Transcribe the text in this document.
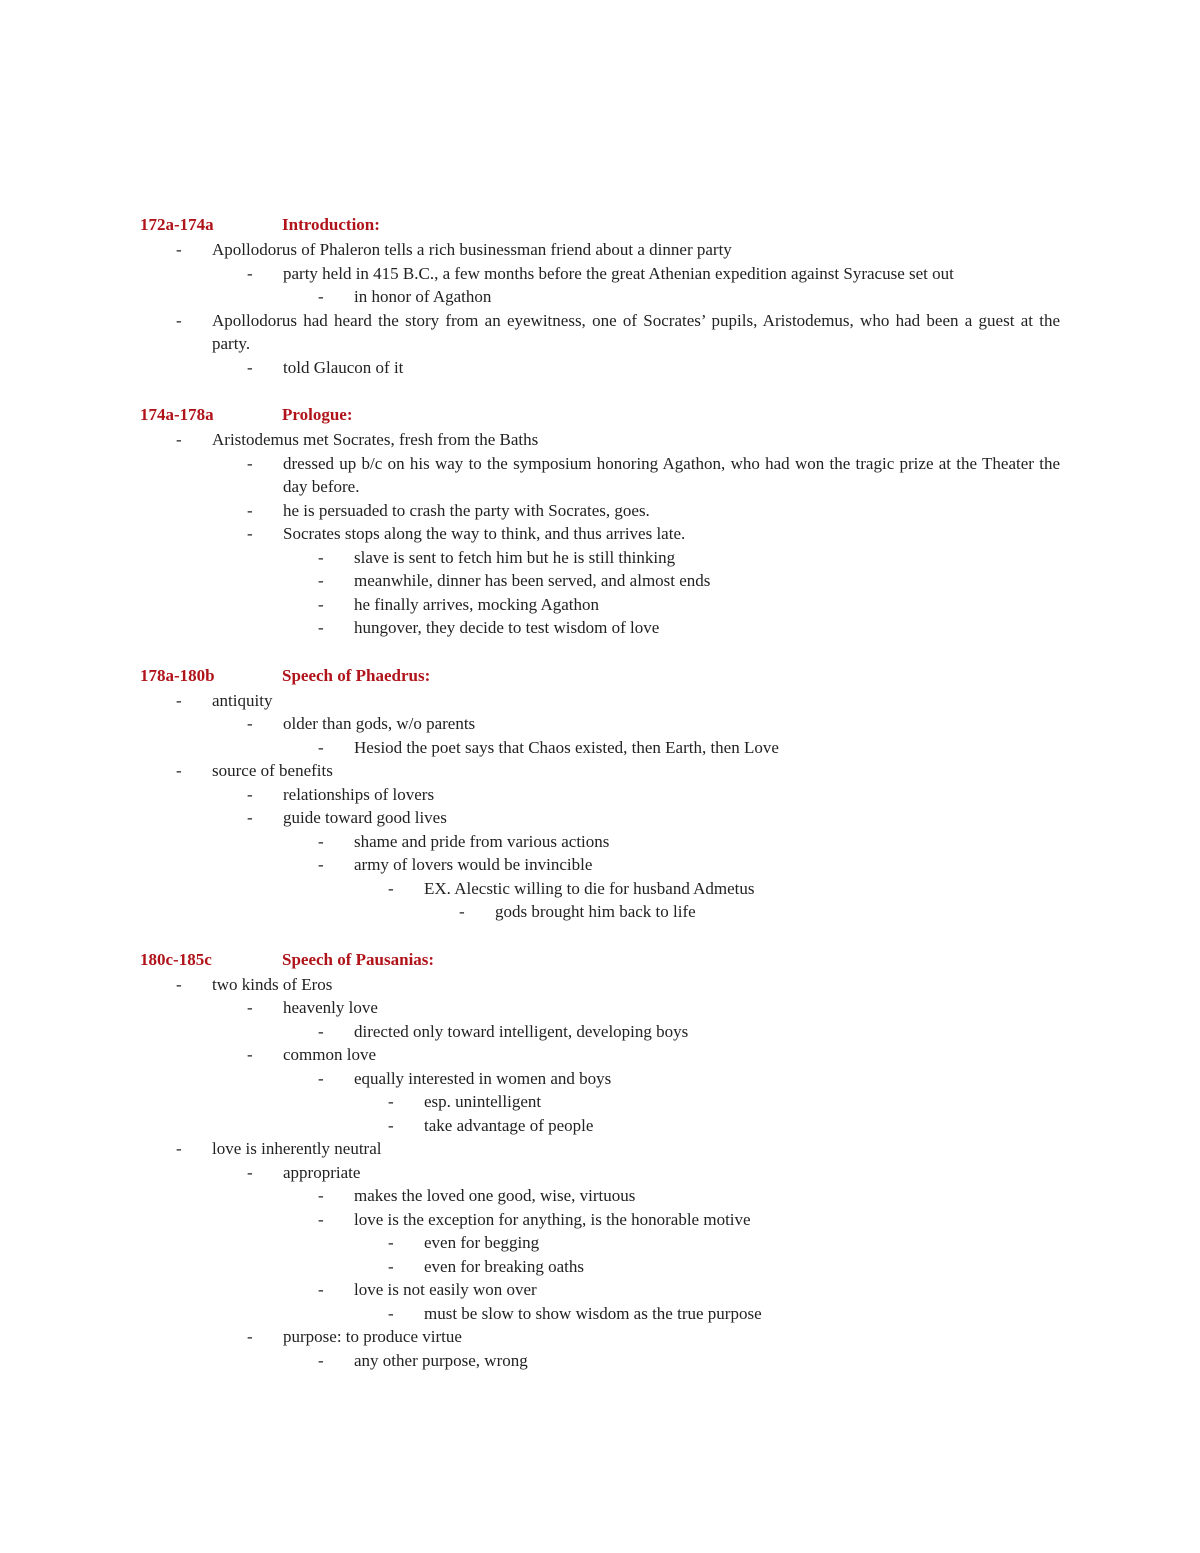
172a-174a	Introduction:
- Apollodorus of Phaleron tells a rich businessman friend about a dinner party
- party held in 415 B.C., a few months before the great Athenian expedition against Syracuse set out
- in honor of Agathon
- Apollodorus had heard the story from an eyewitness, one of Socrates’ pupils, Aristodemus, who had been a guest at the party.
- told Glaucon of it
174a-178a	Prologue:
- Aristodemus met Socrates, fresh from the Baths
- dressed up b/c on his way to the symposium honoring Agathon, who had won the tragic prize at the Theater the day before.
- he is persuaded to crash the party with Socrates, goes.
- Socrates stops along the way to think, and thus arrives late.
- slave is sent to fetch him but he is still thinking
- meanwhile, dinner has been served, and almost ends
- he finally arrives, mocking Agathon
- hungover, they decide to test wisdom of love
178a-180b	Speech of Phaedrus:
- antiquity
- older than gods, w/o parents
- Hesiod the poet says that Chaos existed, then Earth, then Love
- source of benefits
- relationships of lovers
- guide toward good lives
- shame and pride from various actions
- army of lovers would be invincible
- EX. Alecstic willing to die for husband Admetus
- gods brought him back to life
180c-185c	Speech of Pausanias:
- two kinds of Eros
- heavenly love
- directed only toward intelligent, developing boys
- common love
- equally interested in women and boys
- esp. unintelligent
- take advantage of people
- love is inherently neutral
- appropriate
- makes the loved one good, wise, virtuous
- love is the exception for anything, is the honorable motive
- even for begging
- even for breaking oaths
- love is not easily won over
- must be slow to show wisdom as the true purpose
- purpose: to produce virtue
- any other purpose, wrong
